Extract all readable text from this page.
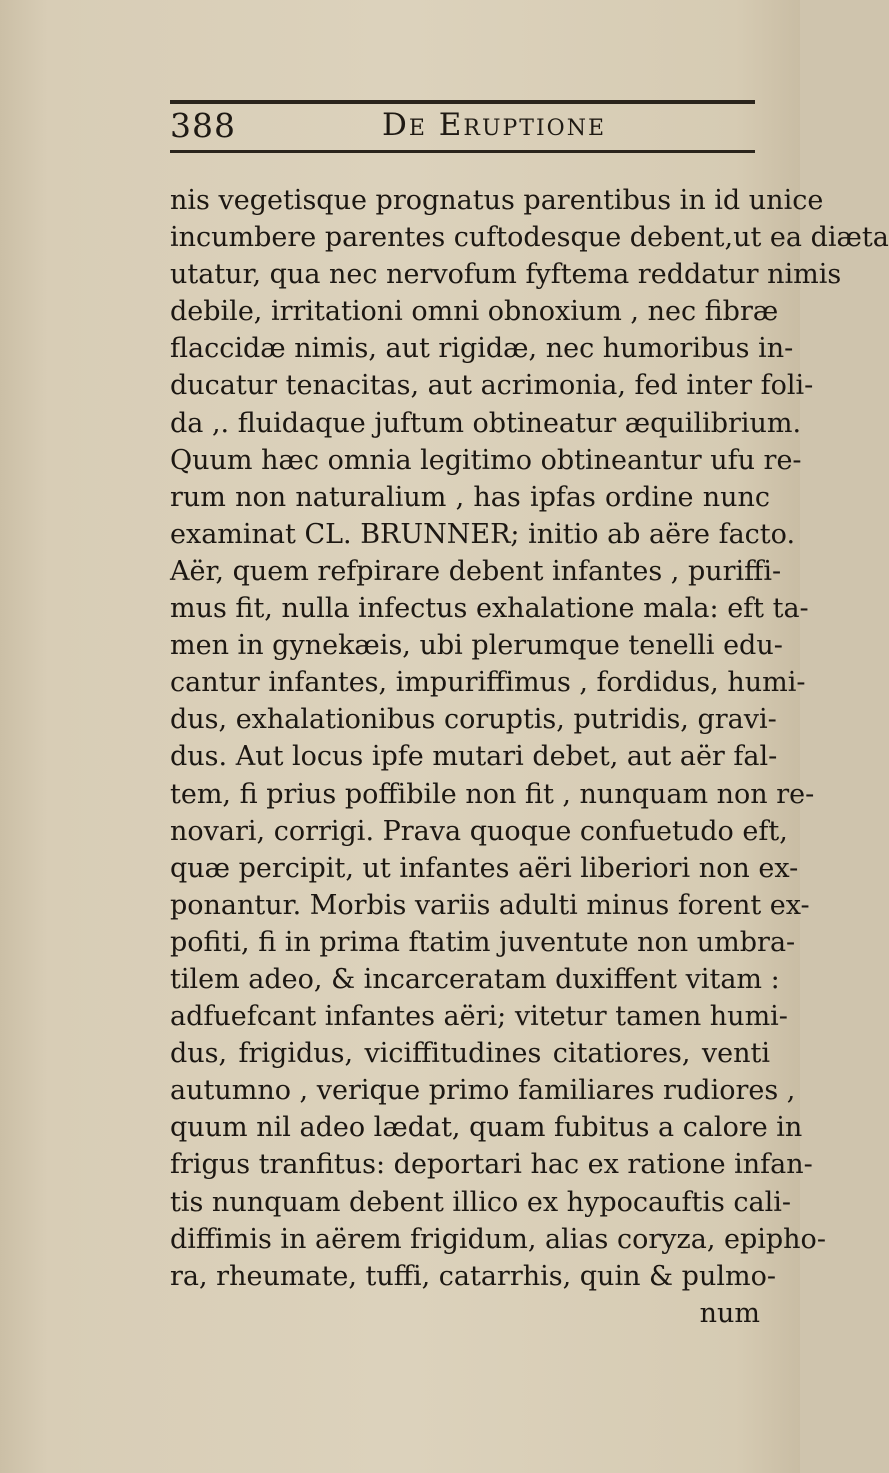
388	De Eruptione
nis vegetisque prognatus parentibus in id unice
incumbere parentes cuftodesque debent,ut ea diæta
utatur, qua nec nervofum fyftema reddatur nimis
debile, irritationi omni obnoxium , nec fibræ
flaccidæ nimis, aut rigidæ, nec humoribus in-
ducatur tenacitas, aut acrimonia, fed inter foli-
da ,. fluidaque juftum obtineatur æquilibrium.
Quum hæc omnia legitimo obtineantur ufu re-
rum non naturalium , has ipfas ordine nunc
examinat CL. BRUNNER; initio ab aëre facto.
Aër, quem refpirare debent infantes , puriffi-
mus fit, nulla infectus exhalatione mala: eft ta-
men in gynekæis, ubi plerumque tenelli edu-
cantur infantes, impuriffimus , fordidus, humi-
dus, exhalationibus coruptis, putridis, gravi-
dus. Aut locus ipfe mutari debet, aut aër fal-
tem, fi prius poffibile non fit , nunquam non re-
novari, corrigi. Prava quoque confuetudo eft,
quæ percipit, ut infantes aëri liberiori non ex-
ponantur. Morbis variis adulti minus forent ex-
pofiti, fi in prima ftatim juventute non umbra-
tilem adeo, & incarceratam duxiffent vitam :
adfuefcant infantes aëri; vitetur tamen humi-
dus, frigidus, viciffitudines citatiores, venti
autumno , verique primo familiares rudiores ,
quum nil adeo lædat, quam fubitus a calore in
frigus tranfitus: deportari hac ex ratione infan-
tis nunquam debent illico ex hypocauftis cali-
diffimis in aërem frigidum, alias coryza, epipho-
ra, rheumate, tuffi, catarrhis, quin & pulmo-
num
